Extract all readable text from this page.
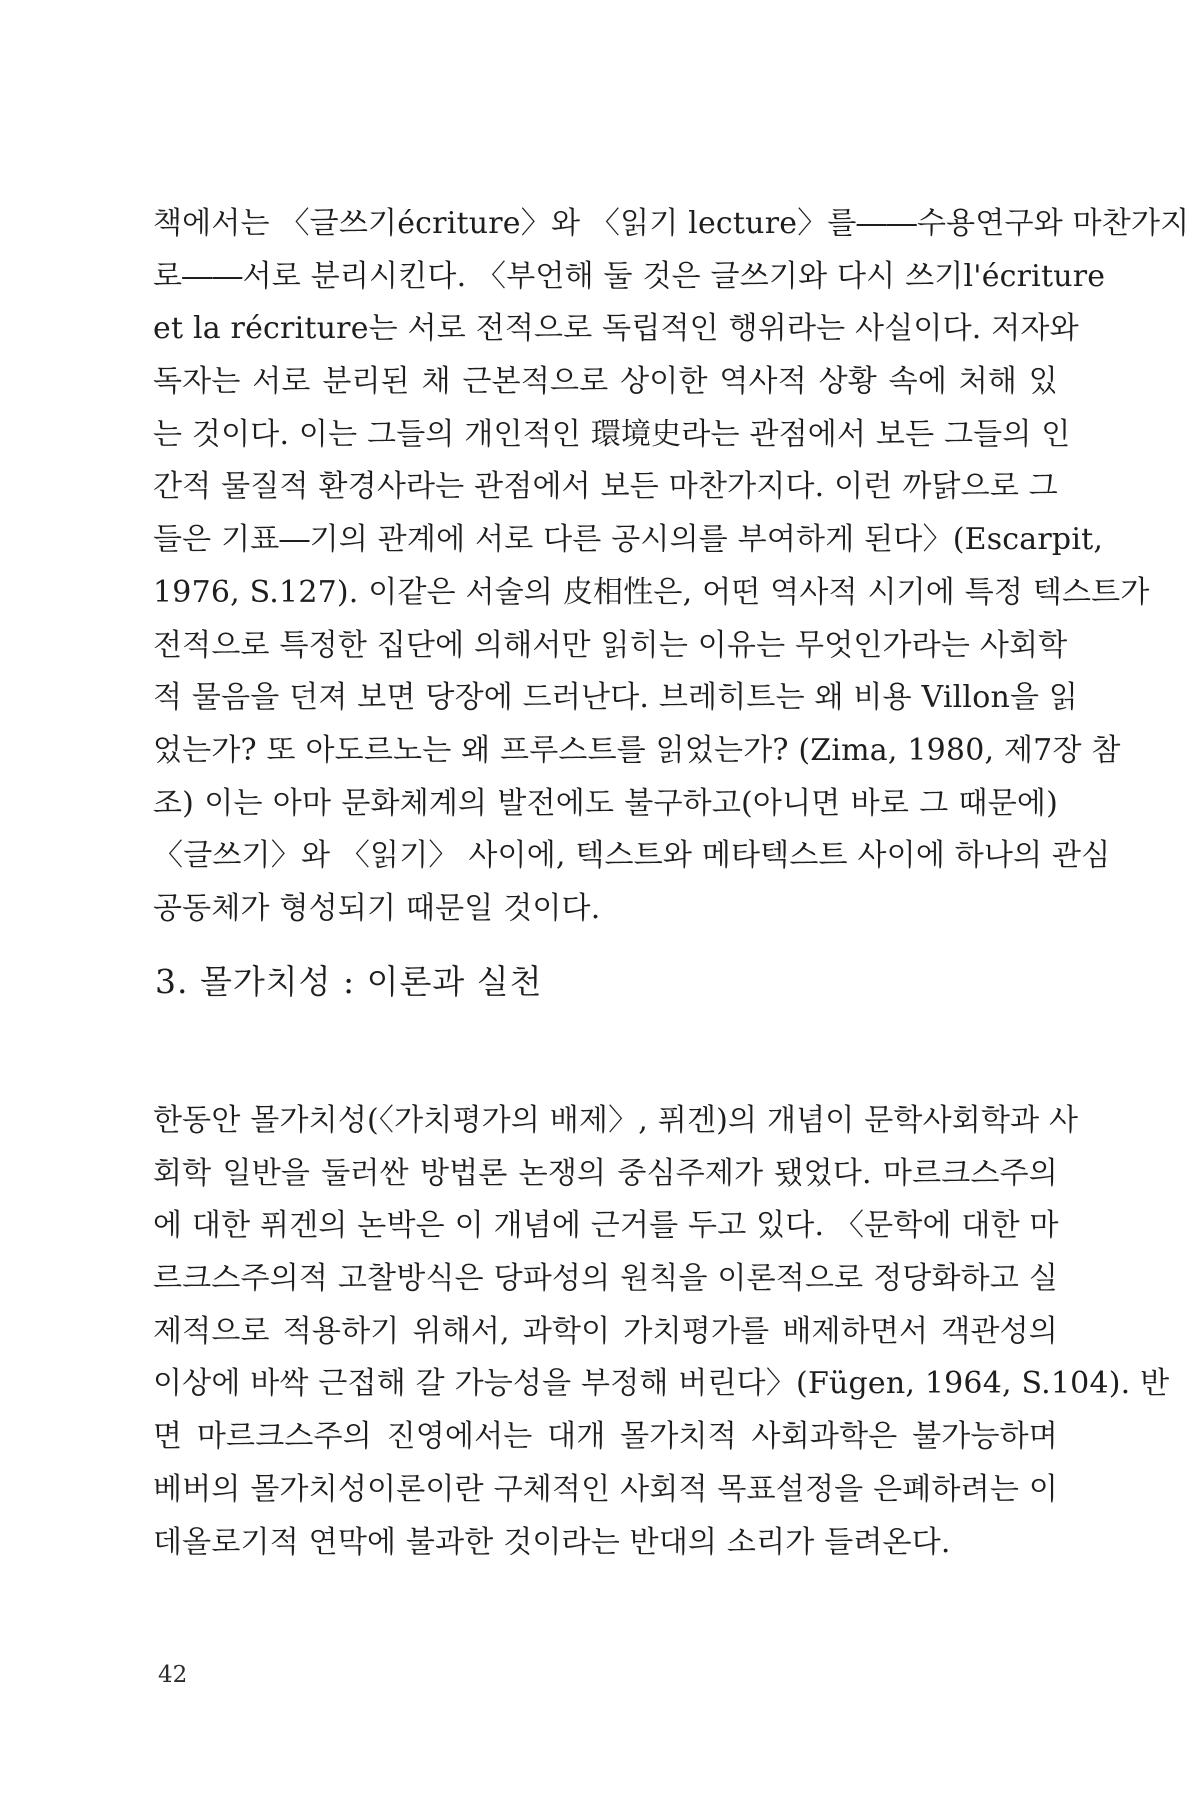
책에서는 〈글쓰기écriture〉와 〈읽기 lecture〉를――수용연구와 마찬가지
로――서로 분리시킨다. 〈부언해 둘 것은 글쓰기와 다시 쓰기l'écriture
et la récriture는 서로 전적으로 독립적인 행위라는 사실이다. 저자와
독자는 서로 분리된 채 근본적으로 상이한 역사적 상황 속에 처해 있
는 것이다. 이는 그들의 개인적인 環境史라는 관점에서 보든 그들의 인
간적 물질적 환경사라는 관점에서 보든 마찬가지다. 이런 까닭으로 그
들은 기표―기의 관계에 서로 다른 공시의를 부여하게 된다〉(Escarpit,
1976, S.127). 이같은 서술의 皮相性은, 어떤 역사적 시기에 특정 텍스트가
전적으로 특정한 집단에 의해서만 읽히는 이유는 무엇인가라는 사회학
적 물음을 던져 보면 당장에 드러난다. 브레히트는 왜 비용 Villon을 읽
었는가? 또 아도르노는 왜 프루스트를 읽었는가? (Zima, 1980, 제7장 참
조) 이는 아마 문화체계의 발전에도 불구하고(아니면 바로 그 때문에)
〈글쓰기〉와 〈읽기〉 사이에, 텍스트와 메타텍스트 사이에 하나의 관심
공동체가 형성되기 때문일 것이다.
3. 몰가치성 : 이론과 실천
한동안 몰가치성(〈가치평가의 배제〉, 퓌겐)의 개념이 문학사회학과 사
회학 일반을 둘러싼 방법론 논쟁의 중심주제가 됐었다. 마르크스주의
에 대한 퓌겐의 논박은 이 개념에 근거를 두고 있다. 〈문학에 대한 마
르크스주의적 고찰방식은 당파성의 원칙을 이론적으로 정당화하고 실
제적으로 적용하기 위해서, 과학이 가치평가를 배제하면서 객관성의
이상에 바싹 근접해 갈 가능성을 부정해 버린다〉(Fügen, 1964, S.104). 반
면 마르크스주의 진영에서는 대개 몰가치적 사회과학은 불가능하며
베버의 몰가치성이론이란 구체적인 사회적 목표설정을 은폐하려는 이
데올로기적 연막에 불과한 것이라는 반대의 소리가 들려온다.
42
